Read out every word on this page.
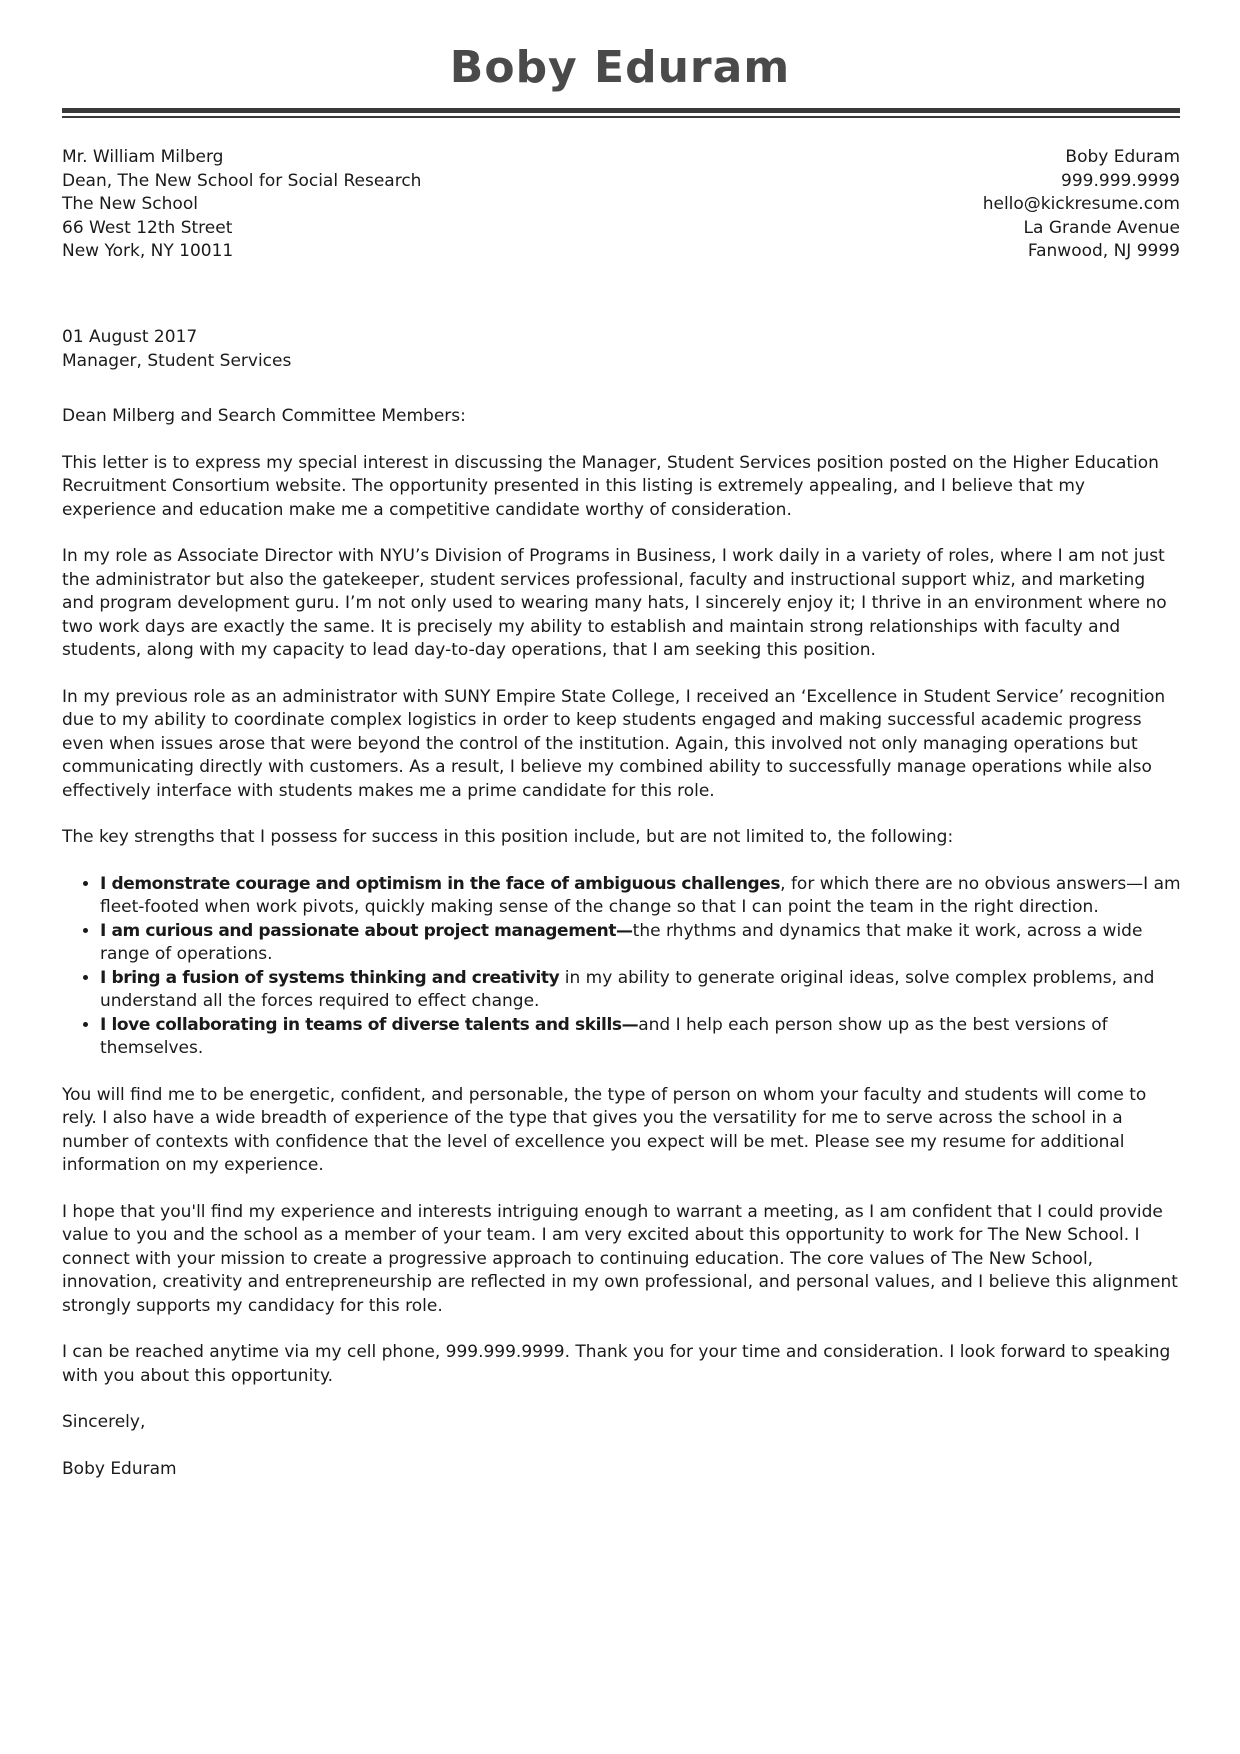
Boby Eduram
Mr. William Milberg
Dean, The New School for Social Research
The New School
66 West 12th Street
New York, NY 10011
Boby Eduram
999.999.9999
hello@kickresume.com
La Grande Avenue
Fanwood, NJ 9999

01 August 2017
Manager, Student Services

Dean Milberg and Search Committee Members:

This letter is to express my special interest in discussing the Manager, Student Services position posted on the Higher Education Recruitment Consortium website. The opportunity presented in this listing is extremely appealing, and I believe that my experience and education make me a competitive candidate worthy of consideration.

In my role as Associate Director with NYU’s Division of Programs in Business, I work daily in a variety of roles, where I am not just the administrator but also the gatekeeper, student services professional, faculty and instructional support whiz, and marketing and program development guru. I’m not only used to wearing many hats, I sincerely enjoy it; I thrive in an environment where no two work days are exactly the same. It is precisely my ability to establish and maintain strong relationships with faculty and students, along with my capacity to lead day-to-day operations, that I am seeking this position.

In my previous role as an administrator with SUNY Empire State College, I received an ‘Excellence in Student Service’ recognition due to my ability to coordinate complex logistics in order to keep students engaged and making successful academic progress even when issues arose that were beyond the control of the institution. Again, this involved not only managing operations but communicating directly with customers. As a result, I believe my combined ability to successfully manage operations while also effectively interface with students makes me a prime candidate for this role.

The key strengths that I possess for success in this position include, but are not limited to, the following:

• I demonstrate courage and optimism in the face of ambiguous challenges, for which there are no obvious answers—I am fleet-footed when work pivots, quickly making sense of the change so that I can point the team in the right direction.
• I am curious and passionate about project management—the rhythms and dynamics that make it work, across a wide range of operations.
• I bring a fusion of systems thinking and creativity in my ability to generate original ideas, solve complex problems, and understand all the forces required to effect change.
• I love collaborating in teams of diverse talents and skills—and I help each person show up as the best versions of themselves.

You will find me to be energetic, confident, and personable, the type of person on whom your faculty and students will come to rely. I also have a wide breadth of experience of the type that gives you the versatility for me to serve across the school in a number of contexts with confidence that the level of excellence you expect will be met. Please see my resume for additional information on my experience.

I hope that you'll find my experience and interests intriguing enough to warrant a meeting, as I am confident that I could provide value to you and the school as a member of your team. I am very excited about this opportunity to work for The New School. I connect with your mission to create a progressive approach to continuing education. The core values of The New School, innovation, creativity and entrepreneurship are reflected in my own professional, and personal values, and I believe this alignment strongly supports my candidacy for this role.

I can be reached anytime via my cell phone, 999.999.9999. Thank you for your time and consideration. I look forward to speaking with you about this opportunity.

Sincerely,

Boby Eduram
